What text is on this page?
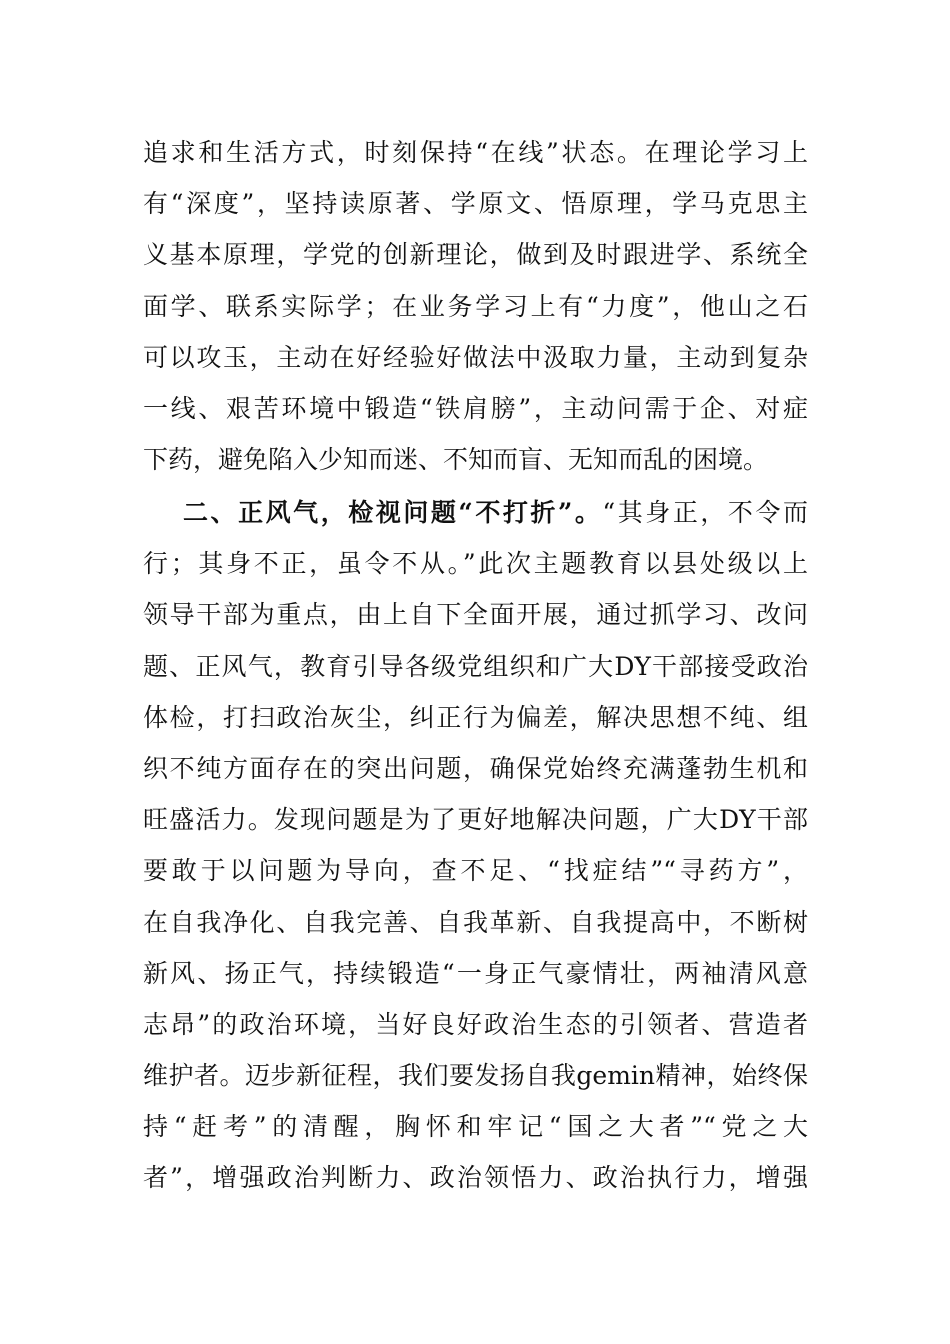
追求和生活方式，时刻保持“在线”状态。在理论学习上
有“深度”，坚持读原著、学原文、悟原理，学马克思主
义基本原理，学党的创新理论，做到及时跟进学、系统全
面学、联系实际学；在业务学习上有“力度”，他山之石
可以攻玉，主动在好经验好做法中汲取力量，主动到复杂
一线、艰苦环境中锻造“铁肩膀”，主动问需于企、对症
下药，避免陷入少知而迷、不知而盲、无知而乱的困境。
二、正风气，检视问题“不打折”。“其身正，不令而
行；其身不正，虽令不从。”此次主题教育以县处级以上
领导干部为重点，由上自下全面开展，通过抓学习、改问
题、正风气，教育引导各级党组织和广大DY干部接受政治
体检，打扫政治灰尘，纠正行为偏差，解决思想不纯、组
织不纯方面存在的突出问题，确保党始终充满蓬勃生机和
旺盛活力。发现问题是为了更好地解决问题，广大DY干部
要敢于以问题为导向，查不足、“找症结”“寻药方”，
在自我净化、自我完善、自我革新、自我提高中，不断树
新风、扬正气，持续锻造“一身正气豪情壮，两袖清风意
志昂”的政治环境，当好良好政治生态的引领者、营造者
维护者。迈步新征程，我们要发扬自我gemin精神，始终保
持“赶考”的清醒，胸怀和牢记“国之大者”“党之大
者”，增强政治判断力、政治领悟力、政治执行力，增强
